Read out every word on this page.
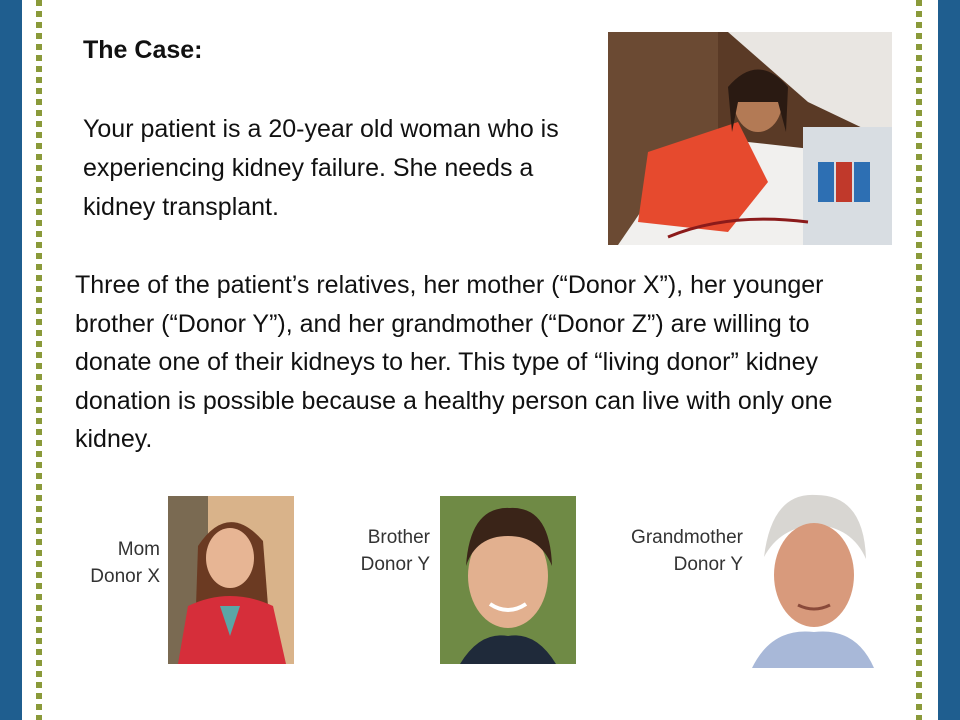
The Case:
Your patient is a 20-year old woman who is experiencing kidney failure. She needs a kidney transplant.
Three of the patient’s relatives, her mother (“Donor X”), her younger brother (“Donor Y”), and her grandmother (“Donor Z”) are willing to donate one of their kidneys to her. This type of “living donor” kidney donation is possible because a healthy person can live with only one kidney.
Mom
Donor X
Brother
Donor Y
Grandmother
Donor Y
